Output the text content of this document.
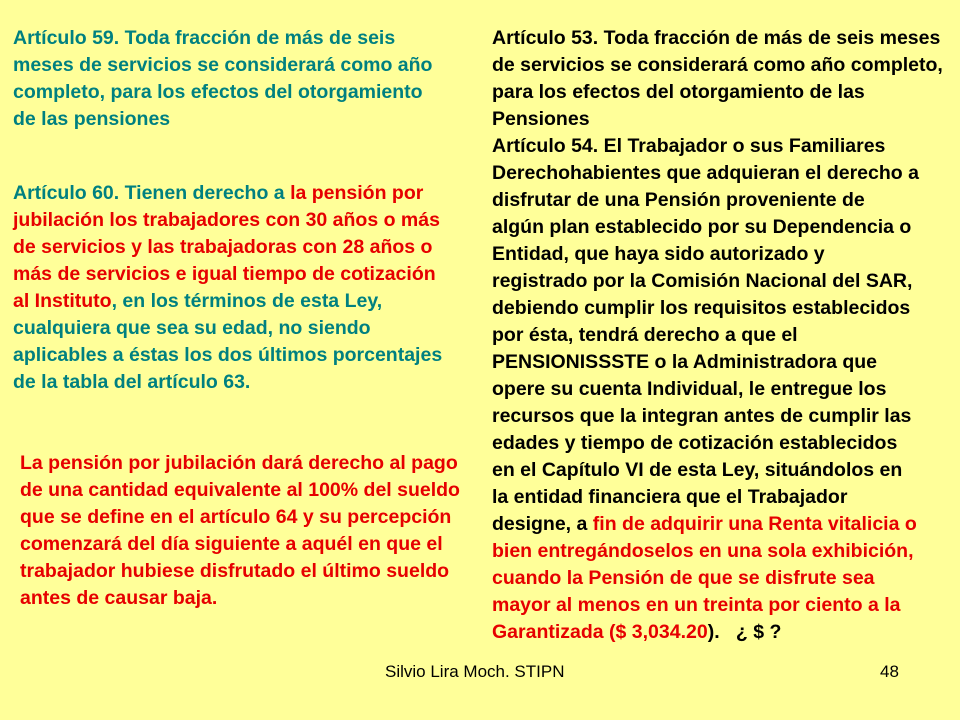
Artículo 59. Toda fracción de más de seis
meses de servicios se considerará como año
completo, para los efectos del otorgamiento
de las pensiones
Artículo 60. Tienen derecho a la pensión por
jubilación los trabajadores con 30 años o más
de servicios y las trabajadoras con 28 años o
más de servicios e igual tiempo de cotización
al Instituto, en los términos de esta Ley,
cualquiera que sea su edad, no siendo
aplicables a éstas los dos últimos porcentajes
de la tabla del artículo 63.
La pensión por jubilación dará derecho al pago
de una cantidad equivalente al 100% del sueldo
que se define en el artículo 64 y su percepción
comenzará del día siguiente a aquél en que el
trabajador hubiese disfrutado el último sueldo
antes de causar baja.
Artículo 53. Toda fracción de más de seis meses
de servicios se considerará como año completo,
para los efectos del otorgamiento de las
Pensiones
Artículo 54. El Trabajador o sus Familiares
Derechohabientes que adquieran el derecho a
disfrutar de una Pensión proveniente de
algún plan establecido por su Dependencia o
Entidad, que haya sido autorizado y
registrado por la Comisión Nacional del SAR,
debiendo cumplir los requisitos establecidos
por ésta, tendrá derecho a que el
PENSIONISSSTE o la Administradora que
opere su cuenta Individual, le entregue los
recursos que la integran antes de cumplir las
edades y tiempo de cotización establecidos
en el Capítulo VI de esta Ley, situándolos en
la entidad financiera que el Trabajador
designe, a fin de adquirir una Renta vitalicia o
bien entregándoselos en una sola exhibición,
cuando la Pensión de que se disfrute sea
mayor al menos en un treinta por ciento a la
Garantizada ($ 3,034.20).   ¿ $ ?
Silvio Lira Moch. STIPN	48
